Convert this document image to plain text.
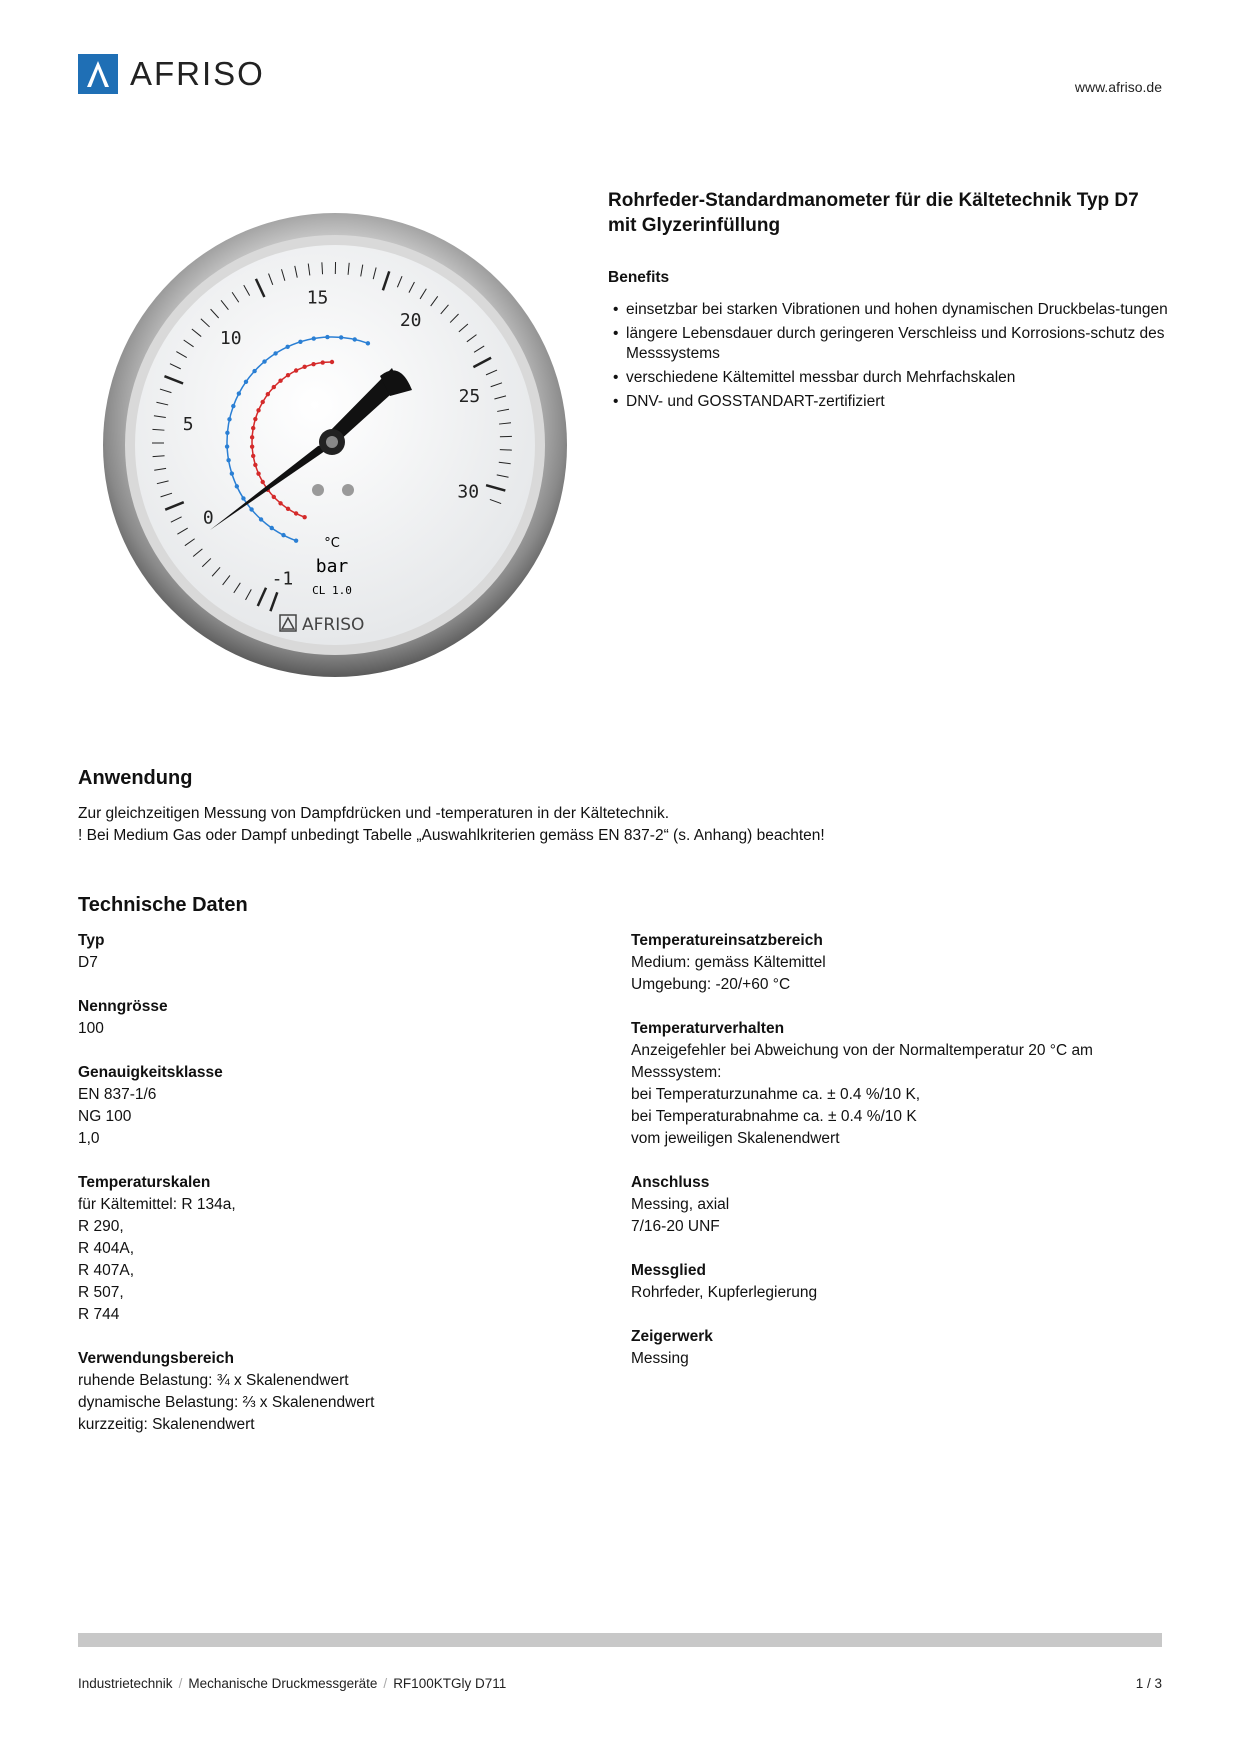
AFRISO	www.afriso.de
-1
0
5
10
15
20
25
30
°C
bar
CL 1.0
AFRISO
Rohrfeder-Standardmanometer für die Kältetechnik Typ D7 mit Glyzerinfüllung
Benefits
• einsetzbar bei starken Vibrationen und hohen dynamischen Druckbelas-tungen
• längere Lebensdauer durch geringeren Verschleiss und Korrosions-schutz des Messsystems
• verschiedene Kältemittel messbar durch Mehrfachskalen
• DNV- und GOSSTANDART-zertifiziert
Anwendung

Zur gleichzeitigen Messung von Dampfdrücken und -temperaturen in der Kältetechnik.
! Bei Medium Gas oder Dampf unbedingt Tabelle „Auswahlkriterien gemäss EN 837-2“ (s. Anhang) beachten!

Technische Daten
Typ
D7
Nenngrösse
100
Genauigkeitsklasse
EN 837-1/6
NG 100
1,0
Temperaturskalen
für Kältemittel: R 134a,
R 290,
R 404A,
R 407A,
R 507,
R 744
Verwendungsbereich
ruhende Belastung: ¾ x Skalenendwert
dynamische Belastung: ⅔ x Skalenendwert
kurzzeitig: Skalenendwert
Temperatureinsatzbereich
Medium: gemäss Kältemittel
Umgebung: -20/+60 °C
Temperaturverhalten
Anzeigefehler bei Abweichung von der Normaltemperatur 20 °C am Messsystem:
bei Temperaturzunahme ca. ± 0.4 %/10 K,
bei Temperaturabnahme ca. ± 0.4 %/10 K
vom jeweiligen Skalenendwert
Anschluss
Messing, axial
7/16-20 UNF
Messglied
Rohrfeder, Kupferlegierung
Zeigerwerk
Messing
Industrietechnik / Mechanische Druckmessgeräte / RF100KTGly D711	1 / 3
